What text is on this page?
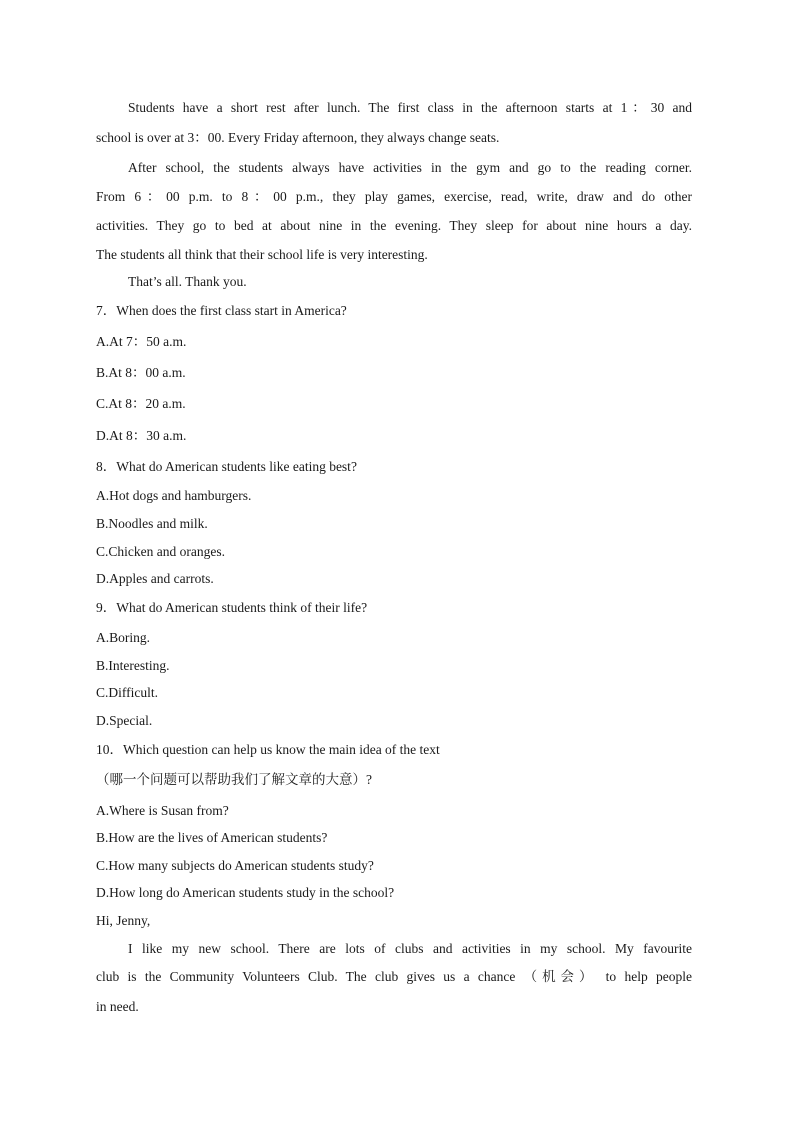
Students have a short rest after lunch. The first class in the afternoon starts at 1：30 and
school is over at 3：00. Every Friday afternoon, they always change seats.
After school, the students always have activities in the gym and go to the reading corner.
From 6：00 p.m. to 8：00 p.m., they play games, exercise, read, write, draw and do other
activities. They go to bed at about nine in the evening. They sleep for about nine hours a day.
The students all think that their school life is very interesting.
That’s all. Thank you.
7．When does the first class start in America?
A.At 7：50 a.m.
B.At 8：00 a.m.
C.At 8：20 a.m.
D.At 8：30 a.m.
8．What do American students like eating best?
A.Hot dogs and hamburgers.
B.Noodles and milk.
C.Chicken and oranges.
D.Apples and carrots.
9．What do American students think of their life?
A.Boring.
B.Interesting.
C.Difficult.
D.Special.
10．Which question can help us know the main idea of the text
（哪一个问题可以帮助我们了解文章的大意）?
A.Where is Susan from?
B.How are the lives of American students?
C.How many subjects do American students study?
D.How long do American students study in the school?
Hi, Jenny,
I like my new school. There are lots of clubs and activities in my school. My favourite
club is the Community Volunteers Club. The club gives us a chance （机会） to help people
in need.
